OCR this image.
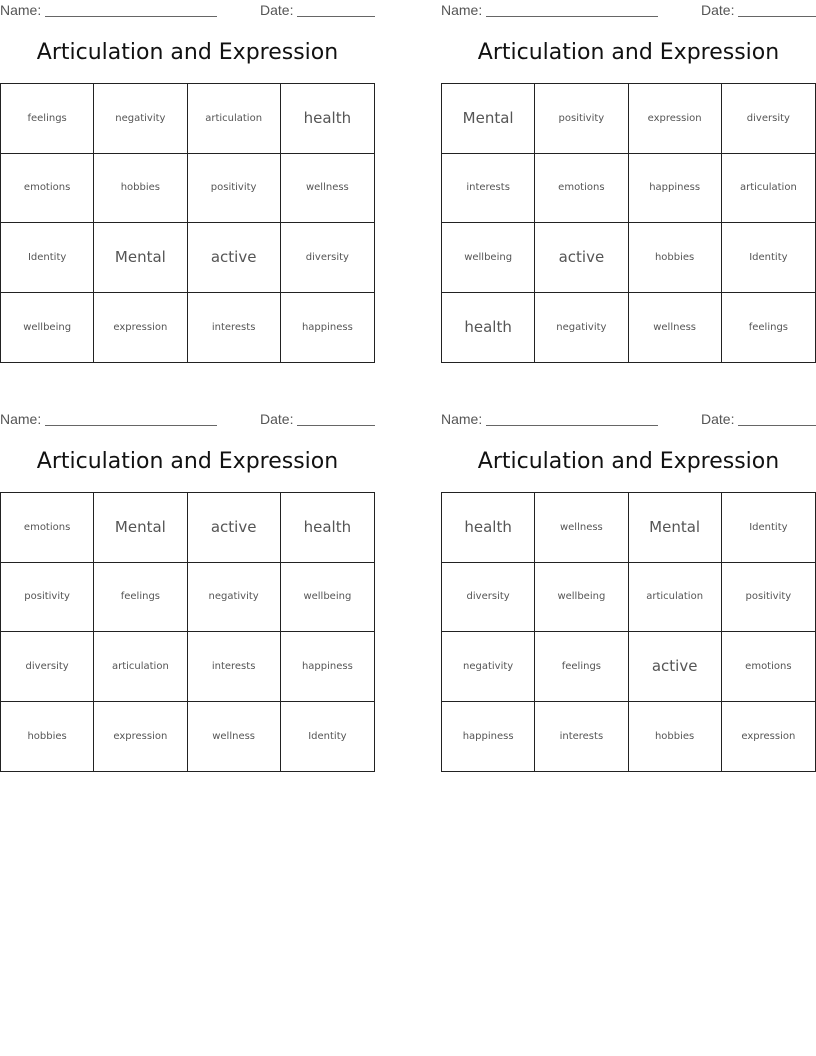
Name:	Date:
Articulation and Expression
feelings	negativity	articulation	health
emotions	hobbies	positivity	wellness
Identity	Mental	active	diversity
wellbeing	expression	interests	happiness
Name:	Date:
Articulation and Expression
Mental	positivity	expression	diversity
interests	emotions	happiness	articulation
wellbeing	active	hobbies	Identity
health	negativity	wellness	feelings
Name:	Date:
Articulation and Expression
emotions	Mental	active	health
positivity	feelings	negativity	wellbeing
diversity	articulation	interests	happiness
hobbies	expression	wellness	Identity
Name:	Date:
Articulation and Expression
health	wellness	Mental	Identity
diversity	wellbeing	articulation	positivity
negativity	feelings	active	emotions
happiness	interests	hobbies	expression
